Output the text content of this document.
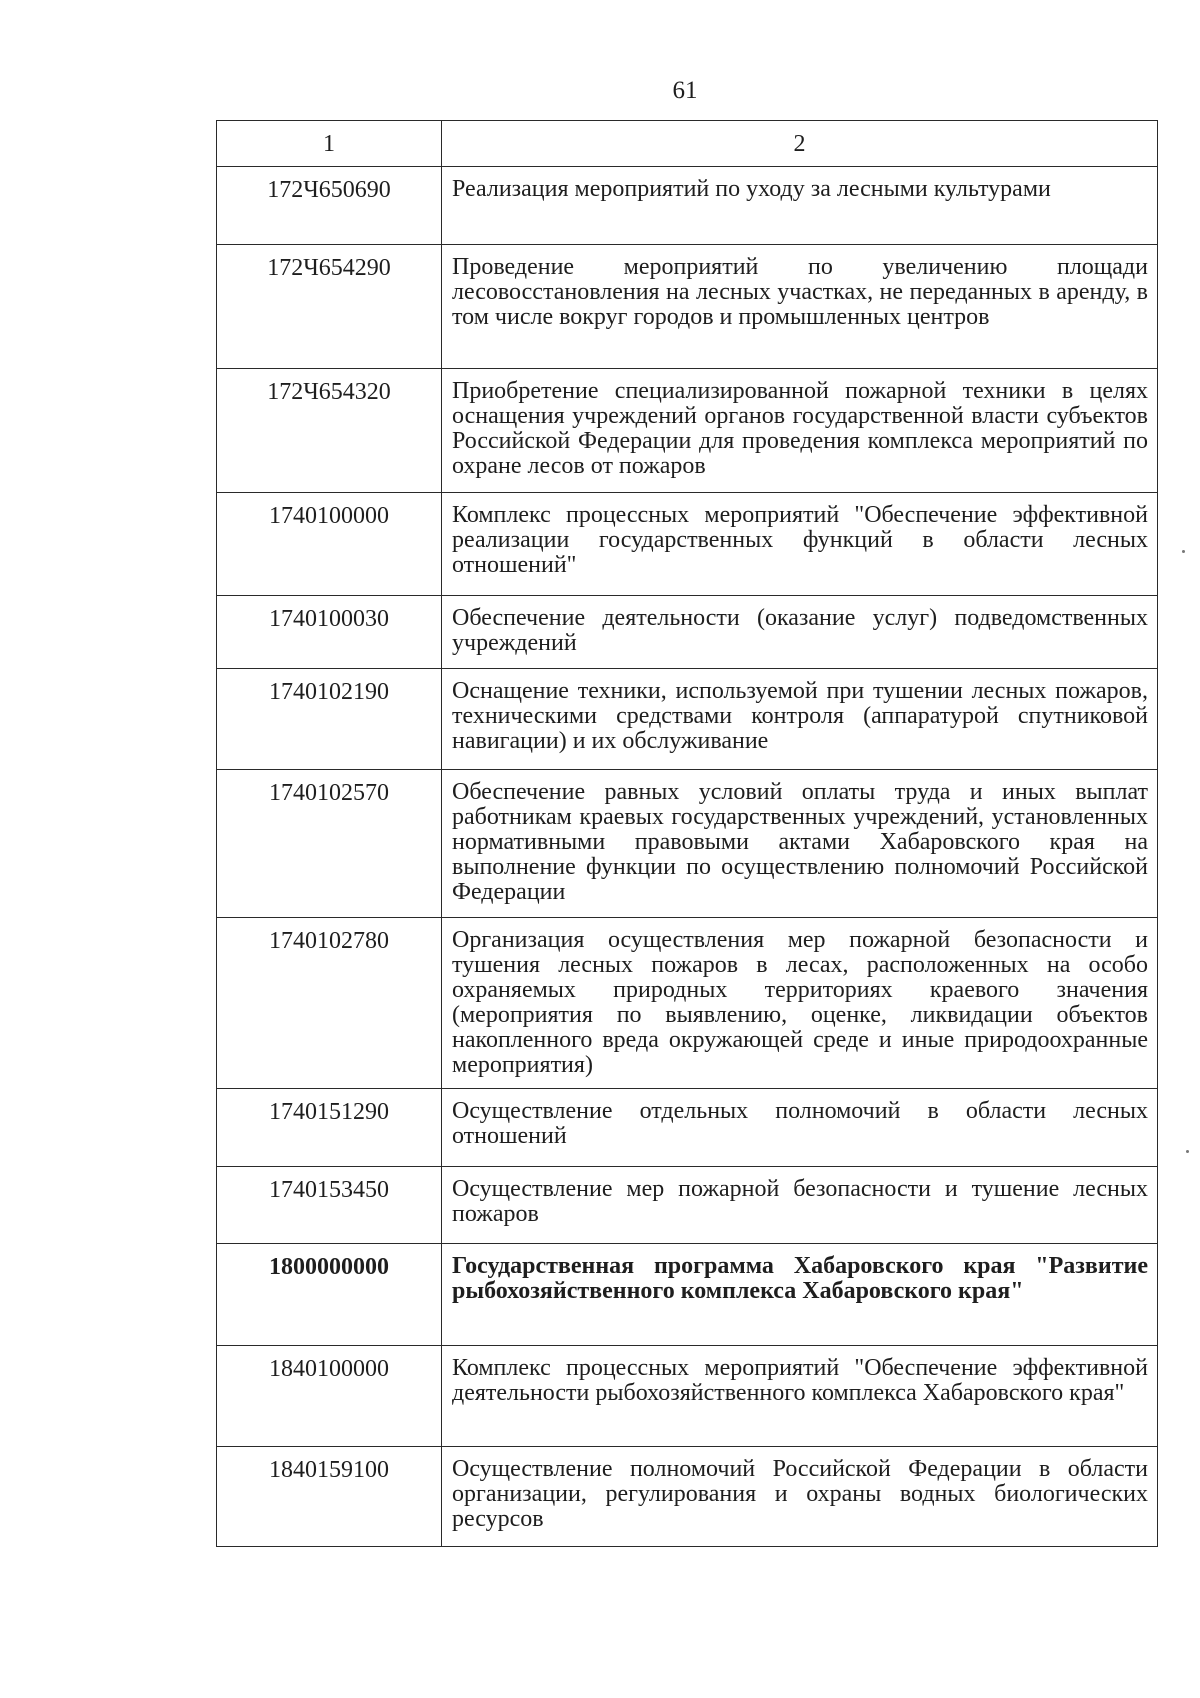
61
1	2
172Ч650690	Реализация мероприятий по уходу за лесными культурами
172Ч654290	Проведение мероприятий по увеличению площади лесовосстановления на лесных участках, не переданных в аренду, в том числе вокруг городов и промышленных центров
172Ч654320	Приобретение специализированной пожарной техники в целях оснащения учреждений органов государственной власти субъектов Российской Федерации для проведения комплекса мероприятий по охране лесов от пожаров
1740100000	Комплекс процессных мероприятий "Обеспечение эффективной реализации государственных функций в области лесных отношений"
1740100030	Обеспечение деятельности (оказание услуг) подведомственных учреждений
1740102190	Оснащение техники, используемой при тушении лесных пожаров, техническими средствами контроля (аппаратурой спутниковой навигации) и их обслуживание
1740102570	Обеспечение равных условий оплаты труда и иных выплат работникам краевых государственных учреждений, установленных нормативными правовыми актами Хабаровского края на выполнение функции по осуществлению полномочий Российской Федерации
1740102780	Организация осуществления мер пожарной безопасности и тушения лесных пожаров в лесах, расположенных на особо охраняемых природных территориях краевого значения (мероприятия по выявлению, оценке, ликвидации объектов накопленного вреда окружающей среде и иные природоохранные мероприятия)
1740151290	Осуществление отдельных полномочий в области лесных отношений
1740153450	Осуществление мер пожарной безопасности и тушение лесных пожаров
1800000000	Государственная программа Хабаровского края "Развитие рыбохозяйственного комплекса Хабаровского края"
1840100000	Комплекс процессных мероприятий "Обеспечение эффективной деятельности рыбохозяйственного комплекса Хабаровского края"
1840159100	Осуществление полномочий Российской Федерации в области организации, регулирования и охраны водных биологических ресурсов
